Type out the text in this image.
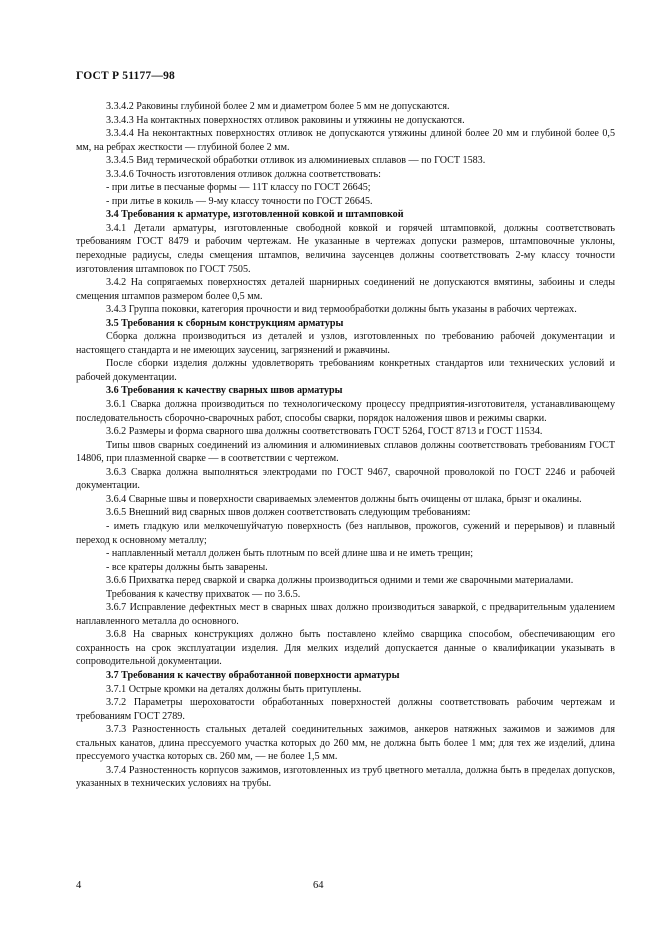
ГОСТ Р 51177—98

3.3.4.2 Раковины глубиной более 2 мм и диаметром более 5 мм не допускаются.

3.3.4.3 На контактных поверхностях отливок раковины и утяжины не допускаются.

3.3.4.4 На неконтактных поверхностях отливок не допускаются утяжины длиной более 20 мм и глубиной более 0,5 мм, на ребрах жесткости — глубиной более 2 мм.

3.3.4.5 Вид термической обработки отливок из алюминиевых сплавов — по ГОСТ 1583.

3.3.4.6 Точность изготовления отливок должна соответствовать:

- при литье в песчаные формы — 11Т классу по ГОСТ 26645;

- при литье в кокиль — 9-му классу точности по ГОСТ 26645.

3.4 Требования к арматуре, изготовленной ковкой и штамповкой

3.4.1 Детали арматуры, изготовленные свободной ковкой и горячей штамповкой, должны соответствовать требованиям ГОСТ 8479 и рабочим чертежам. Не указанные в чертежах допуски размеров, штамповочные уклоны, переходные радиусы, следы смещения штампов, величина заусенцев должны соответствовать 2-му классу точности изготовления штамповок по ГОСТ 7505.

3.4.2 На сопрягаемых поверхностях деталей шарнирных соединений не допускаются вмятины, забоины и следы смещения штампов размером более 0,5 мм.

3.4.3 Группа поковки, категория прочности и вид термообработки должны быть указаны в рабочих чертежах.

3.5 Требования к сборным конструкциям арматуры

Сборка должна производиться из деталей и узлов, изготовленных по требованию рабочей документации и настоящего стандарта и не имеющих заусениц, загрязнений и ржавчины.

После сборки изделия должны удовлетворять требованиям конкретных стандартов или технических условий и рабочей документации.

3.6 Требования к качеству сварных швов арматуры

3.6.1 Сварка должна производиться по технологическому процессу предприятия-изготовителя, устанавливающему последовательность сборочно-сварочных работ, способы сварки, порядок наложения швов и режимы сварки.

3.6.2 Размеры и форма сварного шва должны соответствовать ГОСТ 5264, ГОСТ 8713 и ГОСТ 11534.

Типы швов сварных соединений из алюминия и алюминиевых сплавов должны соответствовать требованиям ГОСТ 14806, при плазменной сварке — в соответствии с чертежом.

3.6.3 Сварка должна выполняться электродами по ГОСТ 9467, сварочной проволокой по ГОСТ 2246 и рабочей документации.

3.6.4 Сварные швы и поверхности свариваемых элементов должны быть очищены от шлака, брызг и окалины.

3.6.5 Внешний вид сварных швов должен соответствовать следующим требованиям:

- иметь гладкую или мелкочешуйчатую поверхность (без наплывов, прожогов, сужений и перерывов) и плавный переход к основному металлу;

- наплавленный металл должен быть плотным по всей длине шва и не иметь трещин;

- все кратеры должны быть заварены.

3.6.6 Прихватка перед сваркой и сварка должны производиться одними и теми же сварочными материалами.

Требования к качеству прихваток — по 3.6.5.

3.6.7 Исправление дефектных мест в сварных швах должно производиться заваркой, с предварительным удалением наплавленного металла до основного.

3.6.8 На сварных конструкциях должно быть поставлено клеймо сварщика способом, обеспечивающим его сохранность на срок эксплуатации изделия. Для мелких изделий допускается данные о квалификации указывать в сопроводительной документации.

3.7 Требования к качеству обработанной поверхности арматуры

3.7.1 Острые кромки на деталях должны быть притуплены.

3.7.2 Параметры шероховатости обработанных поверхностей должны соответствовать рабочим чертежам и требованиям ГОСТ 2789.

3.7.3 Разностенность стальных деталей соединительных зажимов, анкеров натяжных зажимов и зажимов для стальных канатов, длина прессуемого участка которых до 260 мм, не должна быть более 1 мм; для тех же изделий, длина прессуемого участка которых св. 260 мм, — не более 1,5 мм.

3.7.4 Разностенность корпусов зажимов, изготовленных из труб цветного металла, должна быть в пределах допусков, указанных в технических условиях на трубы.

4	64
